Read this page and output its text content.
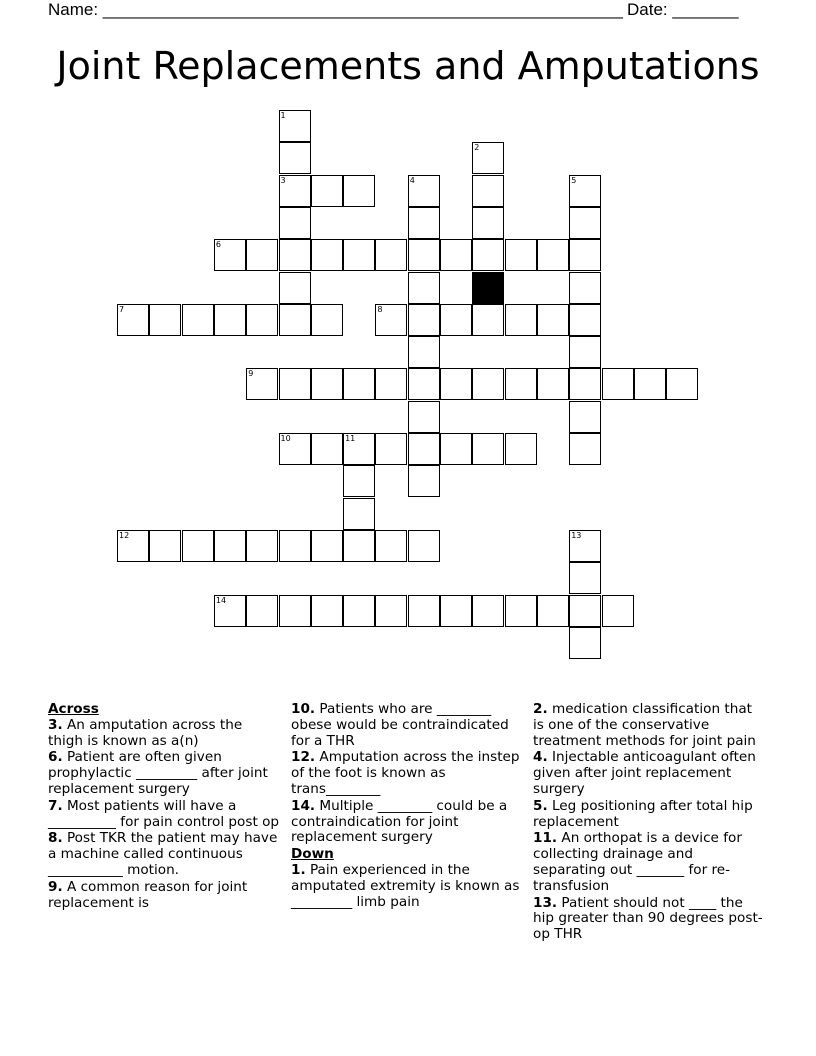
Name: _______________________________________________________ Date: _______
Joint Replacements and Amputations
1
3
2
4	5
6
7	8
9
10	11
12	13
14
Across
3. An amputation across the thigh is known as a(n)
6. Patient are often given prophylactic _________ after joint replacement surgery
7. Most patients will have a __________ for pain control post op
8. Post TKR the patient may have a machine called continuous ___________ motion.
9. A common reason for joint replacement is
10. Patients who are ________ obese would be contraindicated for a THR
12. Amputation across the instep of the foot is known as trans________
14. Multiple ________ could be a contraindication for joint replacement surgery
Down
1. Pain experienced in the amputated extremity is known as _________ limb pain
2. medication classification that is one of the conservative treatment methods for joint pain
4. Injectable anticoagulant often given after joint replacement surgery
5. Leg positioning after total hip replacement
11. An orthopat is a device for collecting drainage and separating out _______ for re-transfusion
13. Patient should not ____ the hip greater than 90 degrees post-op THR
